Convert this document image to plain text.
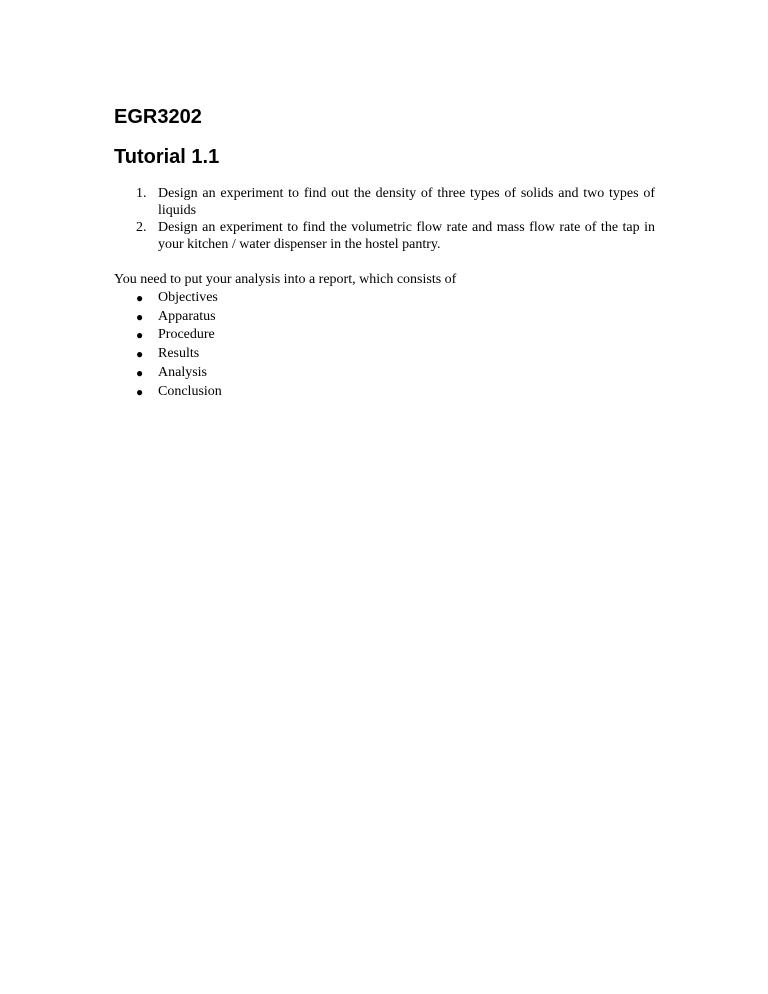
EGR3202
Tutorial 1.1
1. Design an experiment to find out the density of three types of solids and two types of liquids
2. Design an experiment to find the volumetric flow rate and mass flow rate of the tap in your kitchen / water dispenser in the hostel pantry.

You need to put your analysis into a report, which consists of

● Objectives
● Apparatus
● Procedure
● Results
● Analysis
● Conclusion
